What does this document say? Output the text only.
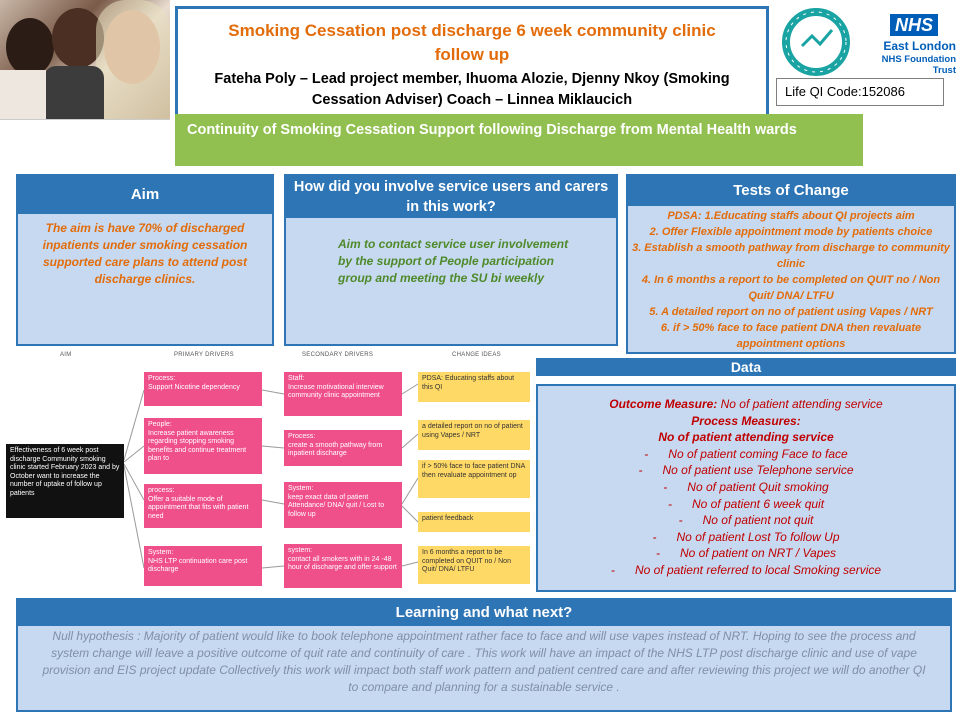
Smoking Cessation post discharge 6 week community clinic follow up
Fateha Poly – Lead project member, Ihuoma Alozie, Djenny Nkoy (Smoking Cessation Adviser) Coach – Linnea Miklaucich
NHS
East London
NHS Foundation Trust
Life QI Code:152086
Continuity of Smoking Cessation Support following Discharge from Mental Health wards
Aim
The aim is have 70% of discharged inpatients under smoking cessation supported care plans to attend post discharge clinics.
How did you involve service users and carers in this work?
Aim to contact service user involvement by the support of People participation group and meeting the SU bi weekly
Tests of Change
PDSA: 1.Educating staffs about QI projects aim
2. Offer Flexible appointment mode by patients choice
3. Establish a smooth pathway from discharge to community clinic
4. In 6 months a report to be completed on QUIT no / Non Quit/ DNA/ LTFU
5. A detailed report on no of patient using Vapes / NRT
6. if > 50% face to face patient DNA then revaluate appointment options
AIM	PRIMARY DRIVERS	SECONDARY DRIVERS	CHANGE IDEAS
Effectiveness of 6 week post discharge Community smoking clinic started February 2023 and by October want to increase the number of uptake of follow up patients
Process:
Support Nicotine dependency
People:
Increase patient awareness regarding stopping smoking benefits and continue treatment plan to
process:
Offer a suitable mode of appointment that fits with patient need
System:
NHS LTP continuation care post discharge
Staff:
Increase motivational interview
community clinic appointment
Process:
create a smooth pathway from inpatient discharge
System:
keep exact data of patient Attendance/ DNA/ quit / Lost to follow up
system:
contact all smokers with in 24 -48 hour of discharge and offer support
PDSA: Educating staffs about this QI
a detailed report on no of patient using Vapes / NRT
if > 50% face to face patient DNA then revaluate appointment op
patient feedback
In 6 months a report to be completed on QUIT no / Non Quit/ DNA/ LTFU
Data
Outcome Measure: No of patient attending service
Process Measures:
No of patient attending service
- No of patient coming Face to face
- No of patient use Telephone service
- No of patient Quit smoking
- No of patient 6 week quit
- No of patient not quit
- No of patient Lost To follow Up
- No of patient on NRT / Vapes
- No of patient referred to local Smoking service
Learning and what next?
Null hypothesis : Majority of patient would like to book telephone appointment rather face to face and will use vapes instead of NRT. Hoping to see the process and system change will leave a positive outcome of quit rate and continuity of care . This work will have an impact of the NHS LTP post discharge clinic and use of vape provision and EIS project update Collectively this work will impact both staff work pattern and patient centred care and after reviewing this project we will do another QI to compare and planning for a sustainable service .
